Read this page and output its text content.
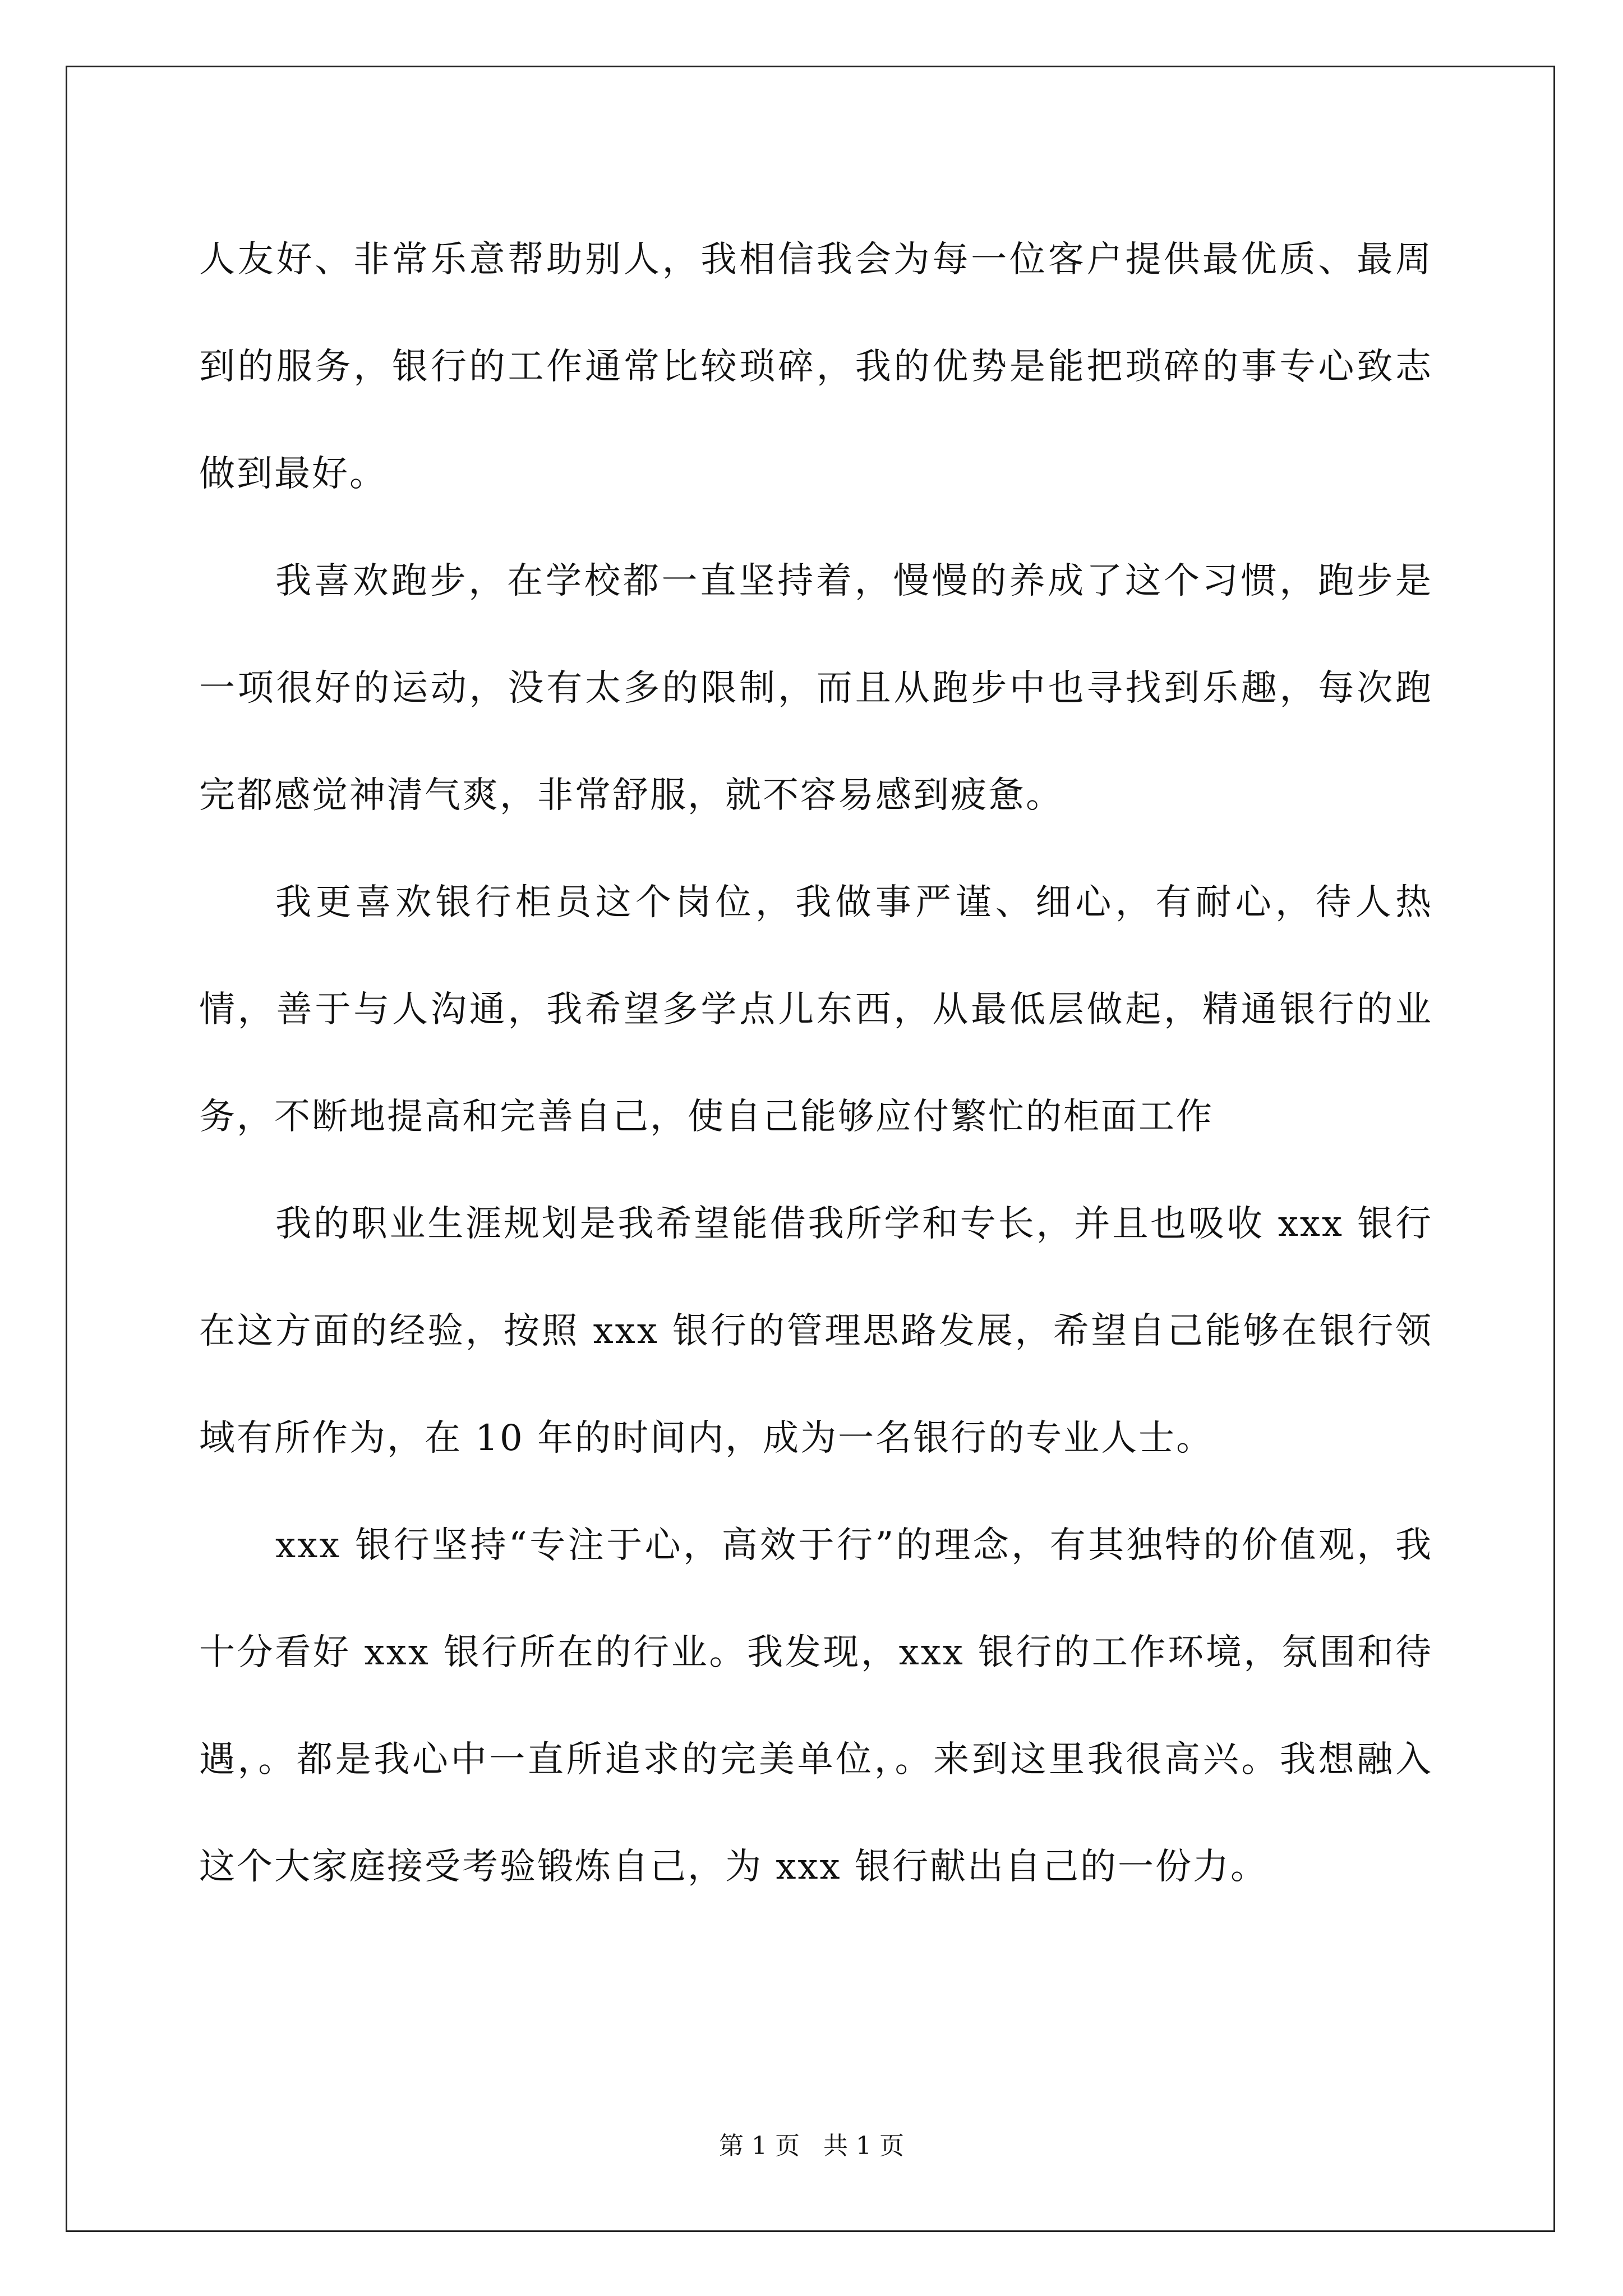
人友好、非常乐意帮助别人，我相信我会为每一位客户提供最优质、最周到的服务，银行的工作通常比较琐碎，我的优势是能把琐碎的事专心致志做到最好。

我喜欢跑步，在学校都一直坚持着，慢慢的养成了这个习惯，跑步是一项很好的运动，没有太多的限制，而且从跑步中也寻找到乐趣，每次跑完都感觉神清气爽，非常舒服，就不容易感到疲惫。

我更喜欢银行柜员这个岗位，我做事严谨、细心，有耐心，待人热情，善于与人沟通，我希望多学点儿东西，从最低层做起，精通银行的业务，不断地提高和完善自己，使自己能够应付繁忙的柜面工作

我的职业生涯规划是我希望能借我所学和专长，并且也吸收 xxx 银行在这方面的经验，按照 xxx 银行的管理思路发展，希望自己能够在银行领域有所作为，在 10 年的时间内，成为一名银行的专业人士。

xxx 银行坚持“专注于心，高效于行”的理念，有其独特的价值观，我十分看好 xxx 银行所在的行业。我发现，xxx 银行的工作环境，氛围和待遇，。都是我心中一直所追求的完美单位，。来到这里我很高兴。我想融入这个大家庭接受考验锻炼自己，为 xxx 银行献出自己的一份力。

第 1 页 共 1 页
